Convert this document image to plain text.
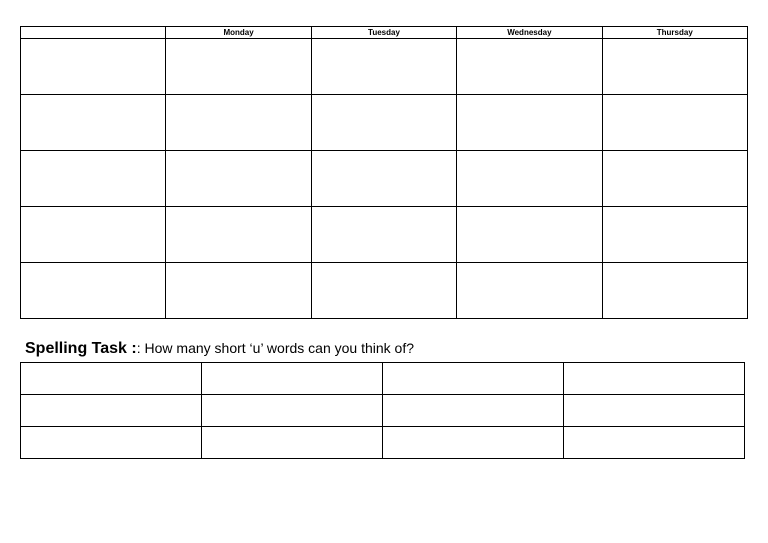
	Monday	Tuesday	Wednesday	Thursday

Spelling Task :: How many short ‘u’ words can you think of?
